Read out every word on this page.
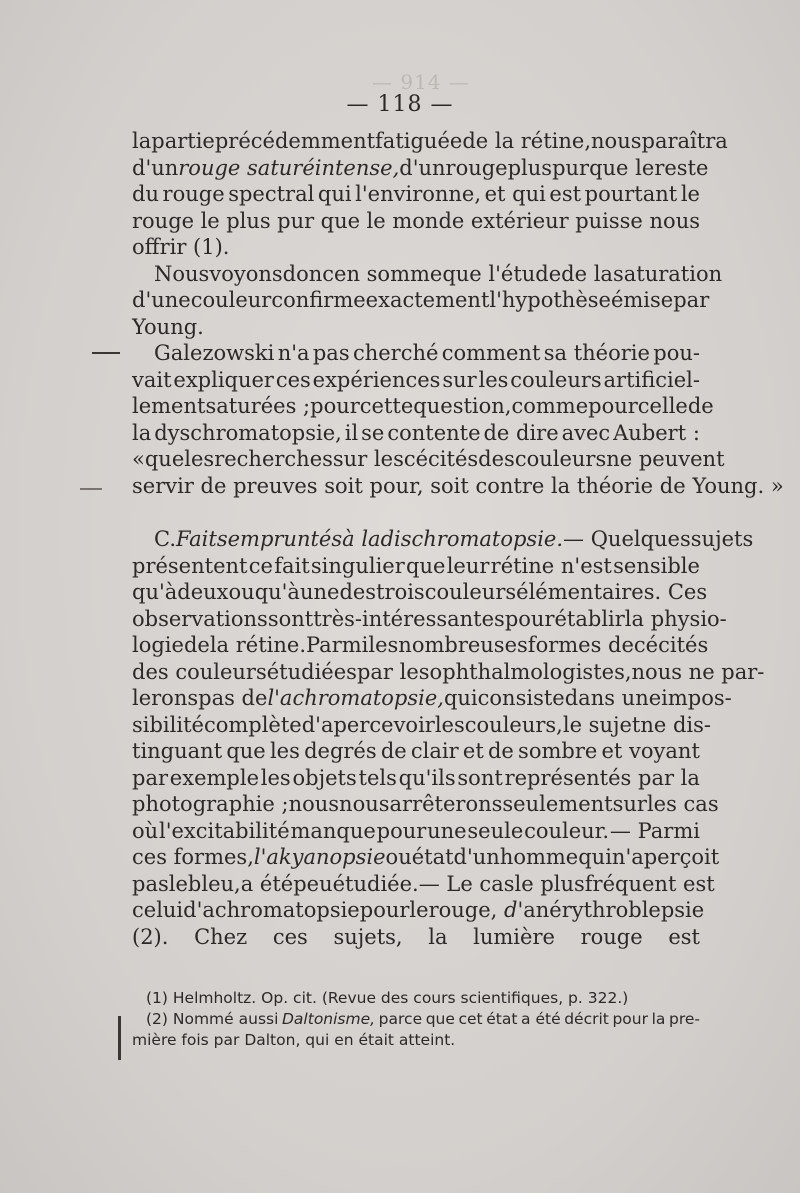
— 914 —
— 118 —
la partie précédemment fatiguée de la rétine, nous paraîtra
d'un rouge saturé intense, d'un rouge plus pur que le reste
du rouge spectral qui l'environne, et qui est pourtant le
rouge le plus pur que le monde extérieur puisse nous
offrir (1).
Nous voyons donc en somme que l'étude de la saturation
d'une couleur confirme exactement l'hypothèse émise par
Young.
Galezowski n'a pas cherché comment sa théorie pou-
vait expliquer ces expériences sur les couleurs artificiel-
lement saturées ; pour cette question, comme pour celle de
la dyschromatopsie, il se contente de dire avec Aubert :
« que les recherches sur les cécités des couleurs ne peuvent
servir de preuves soit pour, soit contre la théorie de Young. »
C. Faits empruntés à la dischromatopsie. — Quelques sujets
présentent ce fait singulier que leur rétine n'est sensible
qu'à deux ou qu'à une des trois couleurs élémentaires. Ces
observations sont très-intéressantes pour établir la physio-
logie de la rétine. Parmi les nombreuses formes de cécités
des couleurs étudiées par les ophthalmologistes, nous ne par-
lerons pas de l'achromatopsie, qui consiste dans une impos-
sibilité complète d'apercevoir les couleurs, le sujet ne dis-
tinguant que les degrés de clair et de sombre et voyant
par exemple les objets tels qu'ils sont représentés par la
photographie ; nous nous arrêterons seulement sur les cas
où l'excitabilité manque pour une seule couleur. — Parmi
ces formes, l'akyanopsie ou état d'un homme qui n'aperçoit
pas le bleu, a été peu étudiée. — Le cas le plus fréquent est
celui d'achromatopsie pour le rouge, d'anérythroblepsie
(2). Chez ces sujets, la lumière rouge est
(1) Helmholtz. Op. cit. (Revue des cours scientifiques, p. 322.)
(2) Nommé aussi Daltonisme, parce que cet état a été décrit pour la pre-
mière fois par Dalton, qui en était atteint.
